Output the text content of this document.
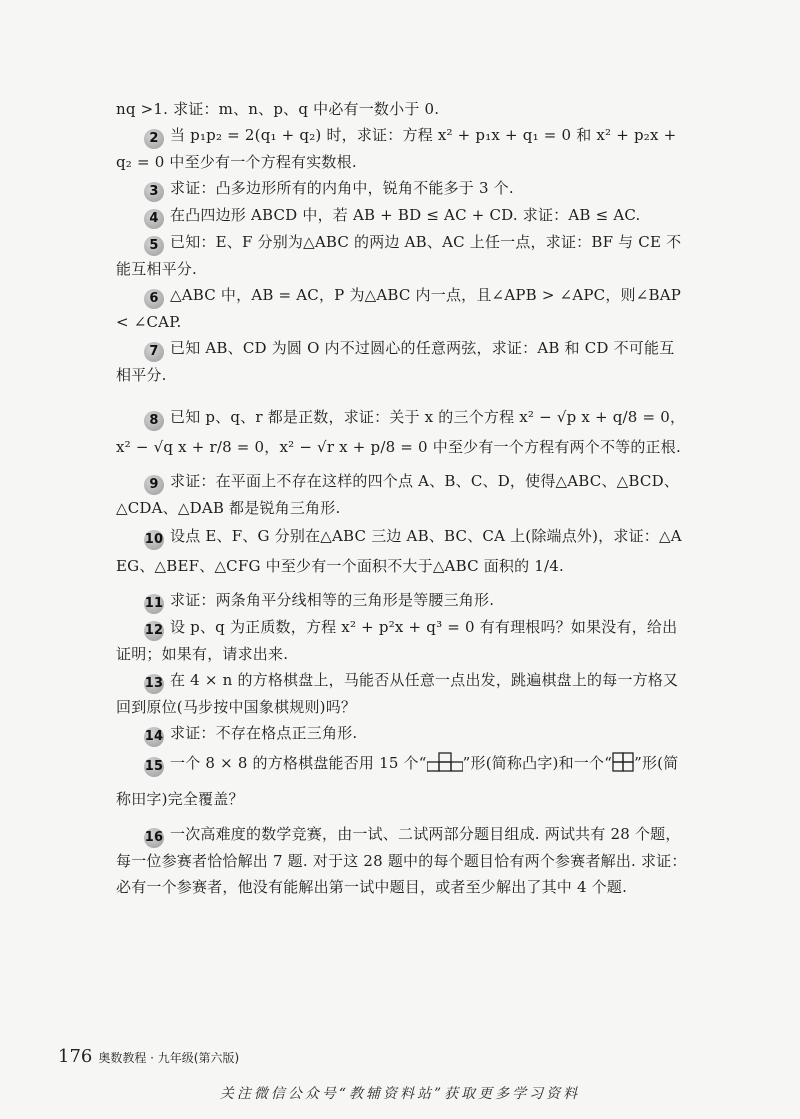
nq >1. 求证：m、n、p、q 中必有一数小于 0.

2 当 p₁p₂ = 2(q₁ + q₂) 时，求证：方程 x² + p₁x + q₁ = 0 和 x² + p₂x + q₂ = 0 中至少有一个方程有实数根.

3 求证：凸多边形所有的内角中，锐角不能多于 3 个.

4 在凸四边形 ABCD 中，若 AB + BD ≤ AC + CD. 求证：AB ≤ AC.

5 已知：E、F 分别为△ABC 的两边 AB、AC 上任一点，求证：BF 与 CE 不能互相平分.

6 △ABC 中，AB = AC，P 为△ABC 内一点，且∠APB > ∠APC，则∠BAP < ∠CAP.

7 已知 AB、CD 为圆 O 内不过圆心的任意两弦，求证：AB 和 CD 不可能互相平分.

8 已知 p、q、r 都是正数，求证：关于 x 的三个方程 x² − √p x + q/8 = 0，x² − √q x + r/8 = 0，x² − √r x + p/8 = 0 中至少有一个方程有两个不等的正根.

9 求证：在平面上不存在这样的四个点 A、B、C、D，使得△ABC、△BCD、△CDA、△DAB 都是锐角三角形.

10 设点 E、F、G 分别在△ABC 三边 AB、BC、CA 上(除端点外)，求证：△AEG、△BEF、△CFG 中至少有一个面积不大于△ABC 面积的 1/4.

11 求证：两条角平分线相等的三角形是等腰三角形.

12 设 p、q 为正质数，方程 x² + p²x + q³ = 0 有有理根吗？如果没有，给出证明；如果有，请求出来.

13 在 4 × n 的方格棋盘上，马能否从任意一点出发，跳遍棋盘上的每一方格又回到原位(马步按中国象棋规则)吗？

14 求证：不存在格点正三角形.

15 一个 8 × 8 的方格棋盘能否用 15 个“ ”形(简称凸字)和一个“ ”形(简称田字)完全覆盖？

16 一次高难度的数学竞赛，由一试、二试两部分题目组成. 两试共有 28 个题，每一位参赛者恰恰解出 7 题. 对于这 28 题中的每个题目恰有两个参赛者解出. 求证：必有一个参赛者，他没有能解出第一试中题目，或者至少解出了其中 4 个题.

176 奥数教程 · 九年级(第六版)
关注微信公众号“教辅资料站”获取更多学习资料
